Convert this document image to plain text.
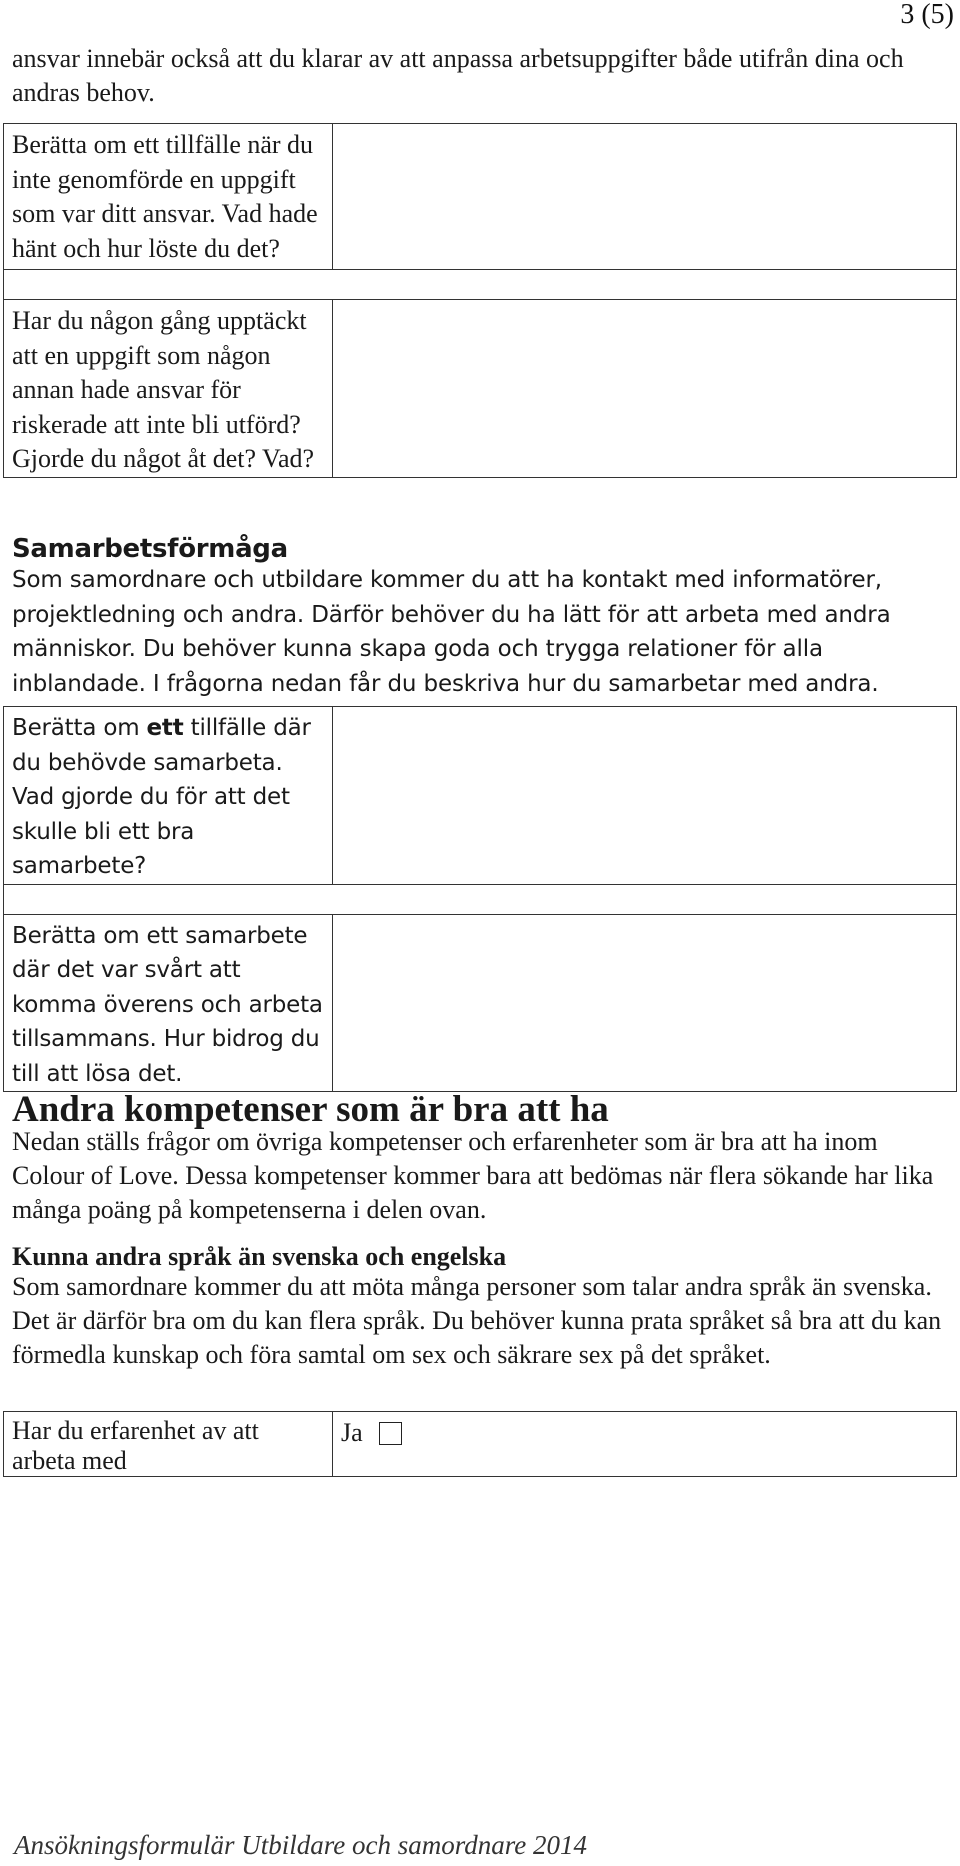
3 (5)

ansvar innebär också att du klarar av att anpassa arbetsuppgifter både utifrån dina och andras behov.

Berätta om ett tillfälle när du inte genomförde en uppgift som var ditt ansvar. Vad hade hänt och hur löste du det?	

Har du någon gång upptäckt att en uppgift som någon annan hade ansvar för riskerade att inte bli utförd? Gjorde du något åt det? Vad?	
Samarbetsförmåga

Som samordnare och utbildare kommer du att ha kontakt med informatörer, projektledning och andra. Därför behöver du ha lätt för att arbeta med andra människor. Du behöver kunna skapa goda och trygga relationer för alla inblandade. I frågorna nedan får du beskriva hur du samarbetar med andra.

Berätta om ett tillfälle där du behövde samarbeta. Vad gjorde du för att det skulle bli ett bra samarbete?	

Berätta om ett samarbete där det var svårt att komma överens och arbeta tillsammans. Hur bidrog du till att lösa det.	
Andra kompetenser som är bra att ha

Nedan ställs frågor om övriga kompetenser och erfarenheter som är bra att ha inom Colour of Love. Dessa kompetenser kommer bara att bedömas när flera sökande har lika många poäng på kompetenserna i delen ovan.

Kunna andra språk än svenska och engelska

Som samordnare kommer du att möta många personer som talar andra språk än svenska. Det är därför bra om du kan flera språk. Du behöver kunna prata språket så bra att du kan förmedla kunskap och föra samtal om sex och säkrare sex på det språket.

Har du erfarenhet av att arbeta med	Ja
Ansökningsformulär Utbildare och samordnare 2014
